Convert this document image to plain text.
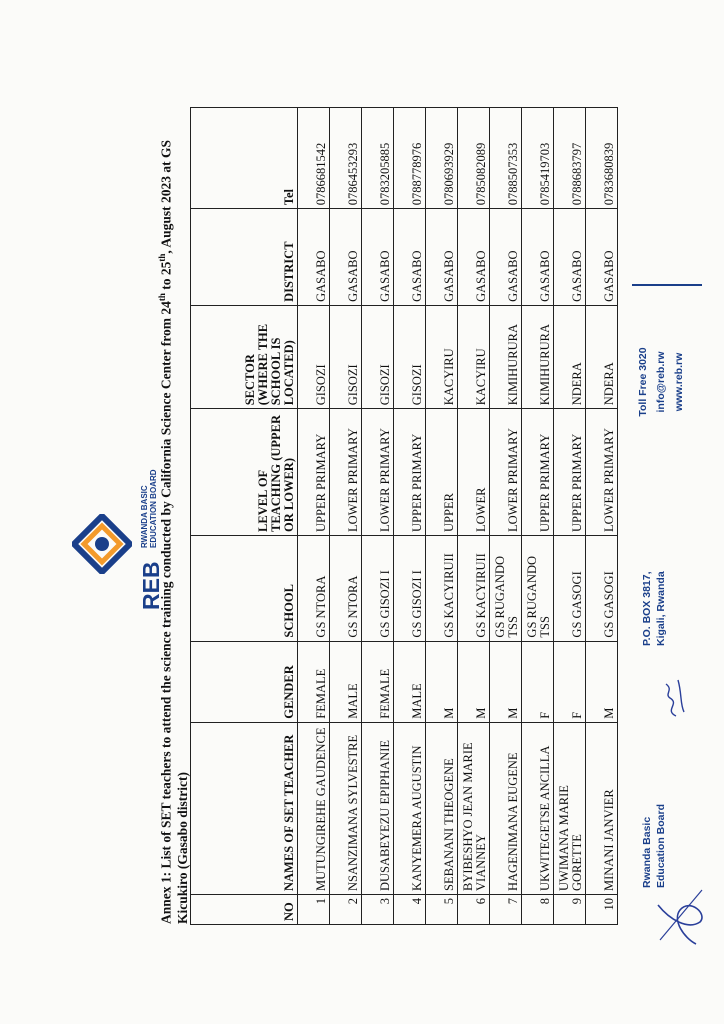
REB
RWANDA BASIC EDUCATION BOARD Annex 1: List of SET teachers to attend the science training conducted by California Science Center from 24th to 25th, August 2023 at GS Kicukiro (Gasabo district)	NO	NAMES OF SET TEACHER	GENDER	SCHOOL	LEVEL OF TEACHING (UPPER OR LOWER)	SECTOR (WHERE THE SCHOOL IS LOCATED)	DISTRICT	Tel
1	MUTUNGIREHE GAUDENCE	FEMALE	GS NTORA	UPPER PRIMARY	GISOZI	GASABO	0786681542
2	NSANZIMANA SYLVESTRE	MALE	GS NTORA	LOWER PRIMARY	GISOZI	GASABO	0786453293
3	DUSABEYEZU EPIPHANIE	FEMALE	GS GISOZI I	LOWER PRIMARY	GISOZI	GASABO	0783205885
4	KANYEMERA AUGUSTIN	MALE	GS GISOZI I	UPPER PRIMARY	GISOZI	GASABO	0788778976
5	SEBANANI THEOGENE	M	GS KACYIRUII	UPPER	KACYIRU	GASABO	0780693929
6	BYIBESHYO JEAN MARIE VIANNEY	M	GS KACYIRUII	LOWER	KACYIRU	GASABO	0785082089
7	HAGENIMANA EUGENE	M	GS RUGANDO TSS	LOWER PRIMARY	KIMIHURURA	GASABO	0788507353
8	UKWITEGETSE ANCILLA	F	GS RUGANDO TSS	UPPER PRIMARY	KIMIHURURA	GASABO	0785419703
9	UWIMANA MARIE GORETTE	F	GS GASOGI	UPPER PRIMARY	NDERA	GASABO	0788683797
10	MINANI JANVIER	M	GS GASOGI	LOWER PRIMARY	NDERA	GASABO	0783680839
Rwanda Basic Education Board
P.O. BOX 3817, Kigali, Rwanda
Toll Free 3020 info@reb.rw www.reb.rw
